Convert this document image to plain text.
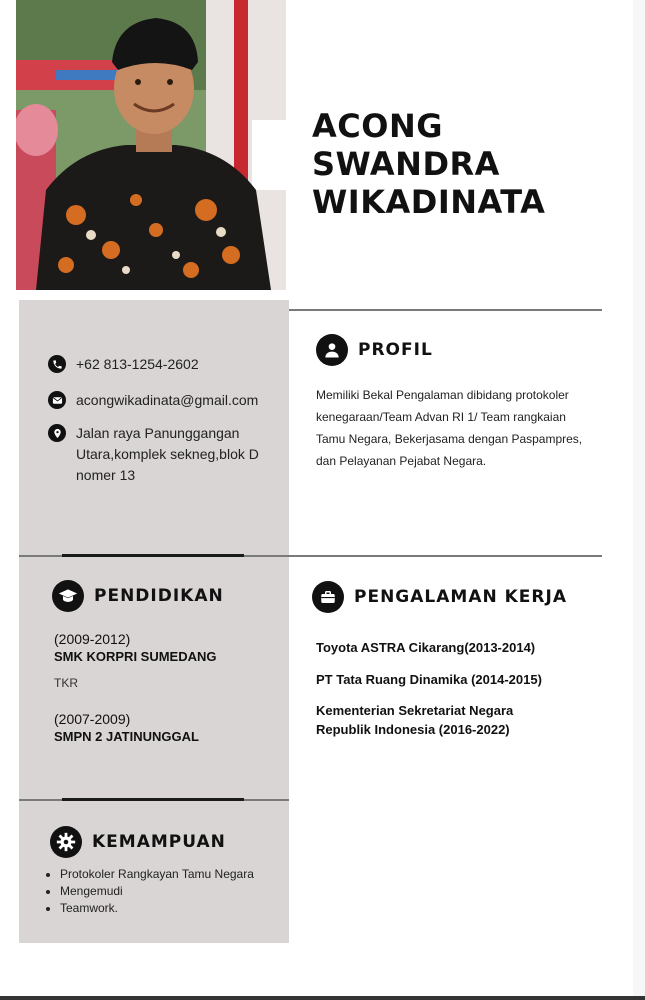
ACONG
SWANDRA
WIKADINATA
+62 813-1254-2602
acongwikadinata@gmail.com
Jalan raya Panunggangan Utara,komplek sekneg,blok D nomer 13
PROFIL
Memiliki Bekal Pengalaman dibidang protokoler kenegaraan/Team Advan RI 1/ Team rangkaian Tamu Negara, Bekerjasama dengan Paspampres, dan Pelayanan Pejabat Negara.
PENDIDIKAN
(2009-2012)
SMK KORPRI SUMEDANG
TKR
(2007-2009)
SMPN 2 JATINUNGGAL
PENGALAMAN KERJA
Toyota ASTRA Cikarang(2013-2014)
PT Tata Ruang Dinamika (2014-2015)
Kementerian Sekretariat Negara Republik Indonesia (2016-2022)
KEMAMPUAN
• Protokoler Rangkayan Tamu Negara
• Mengemudi
• Teamwork.
